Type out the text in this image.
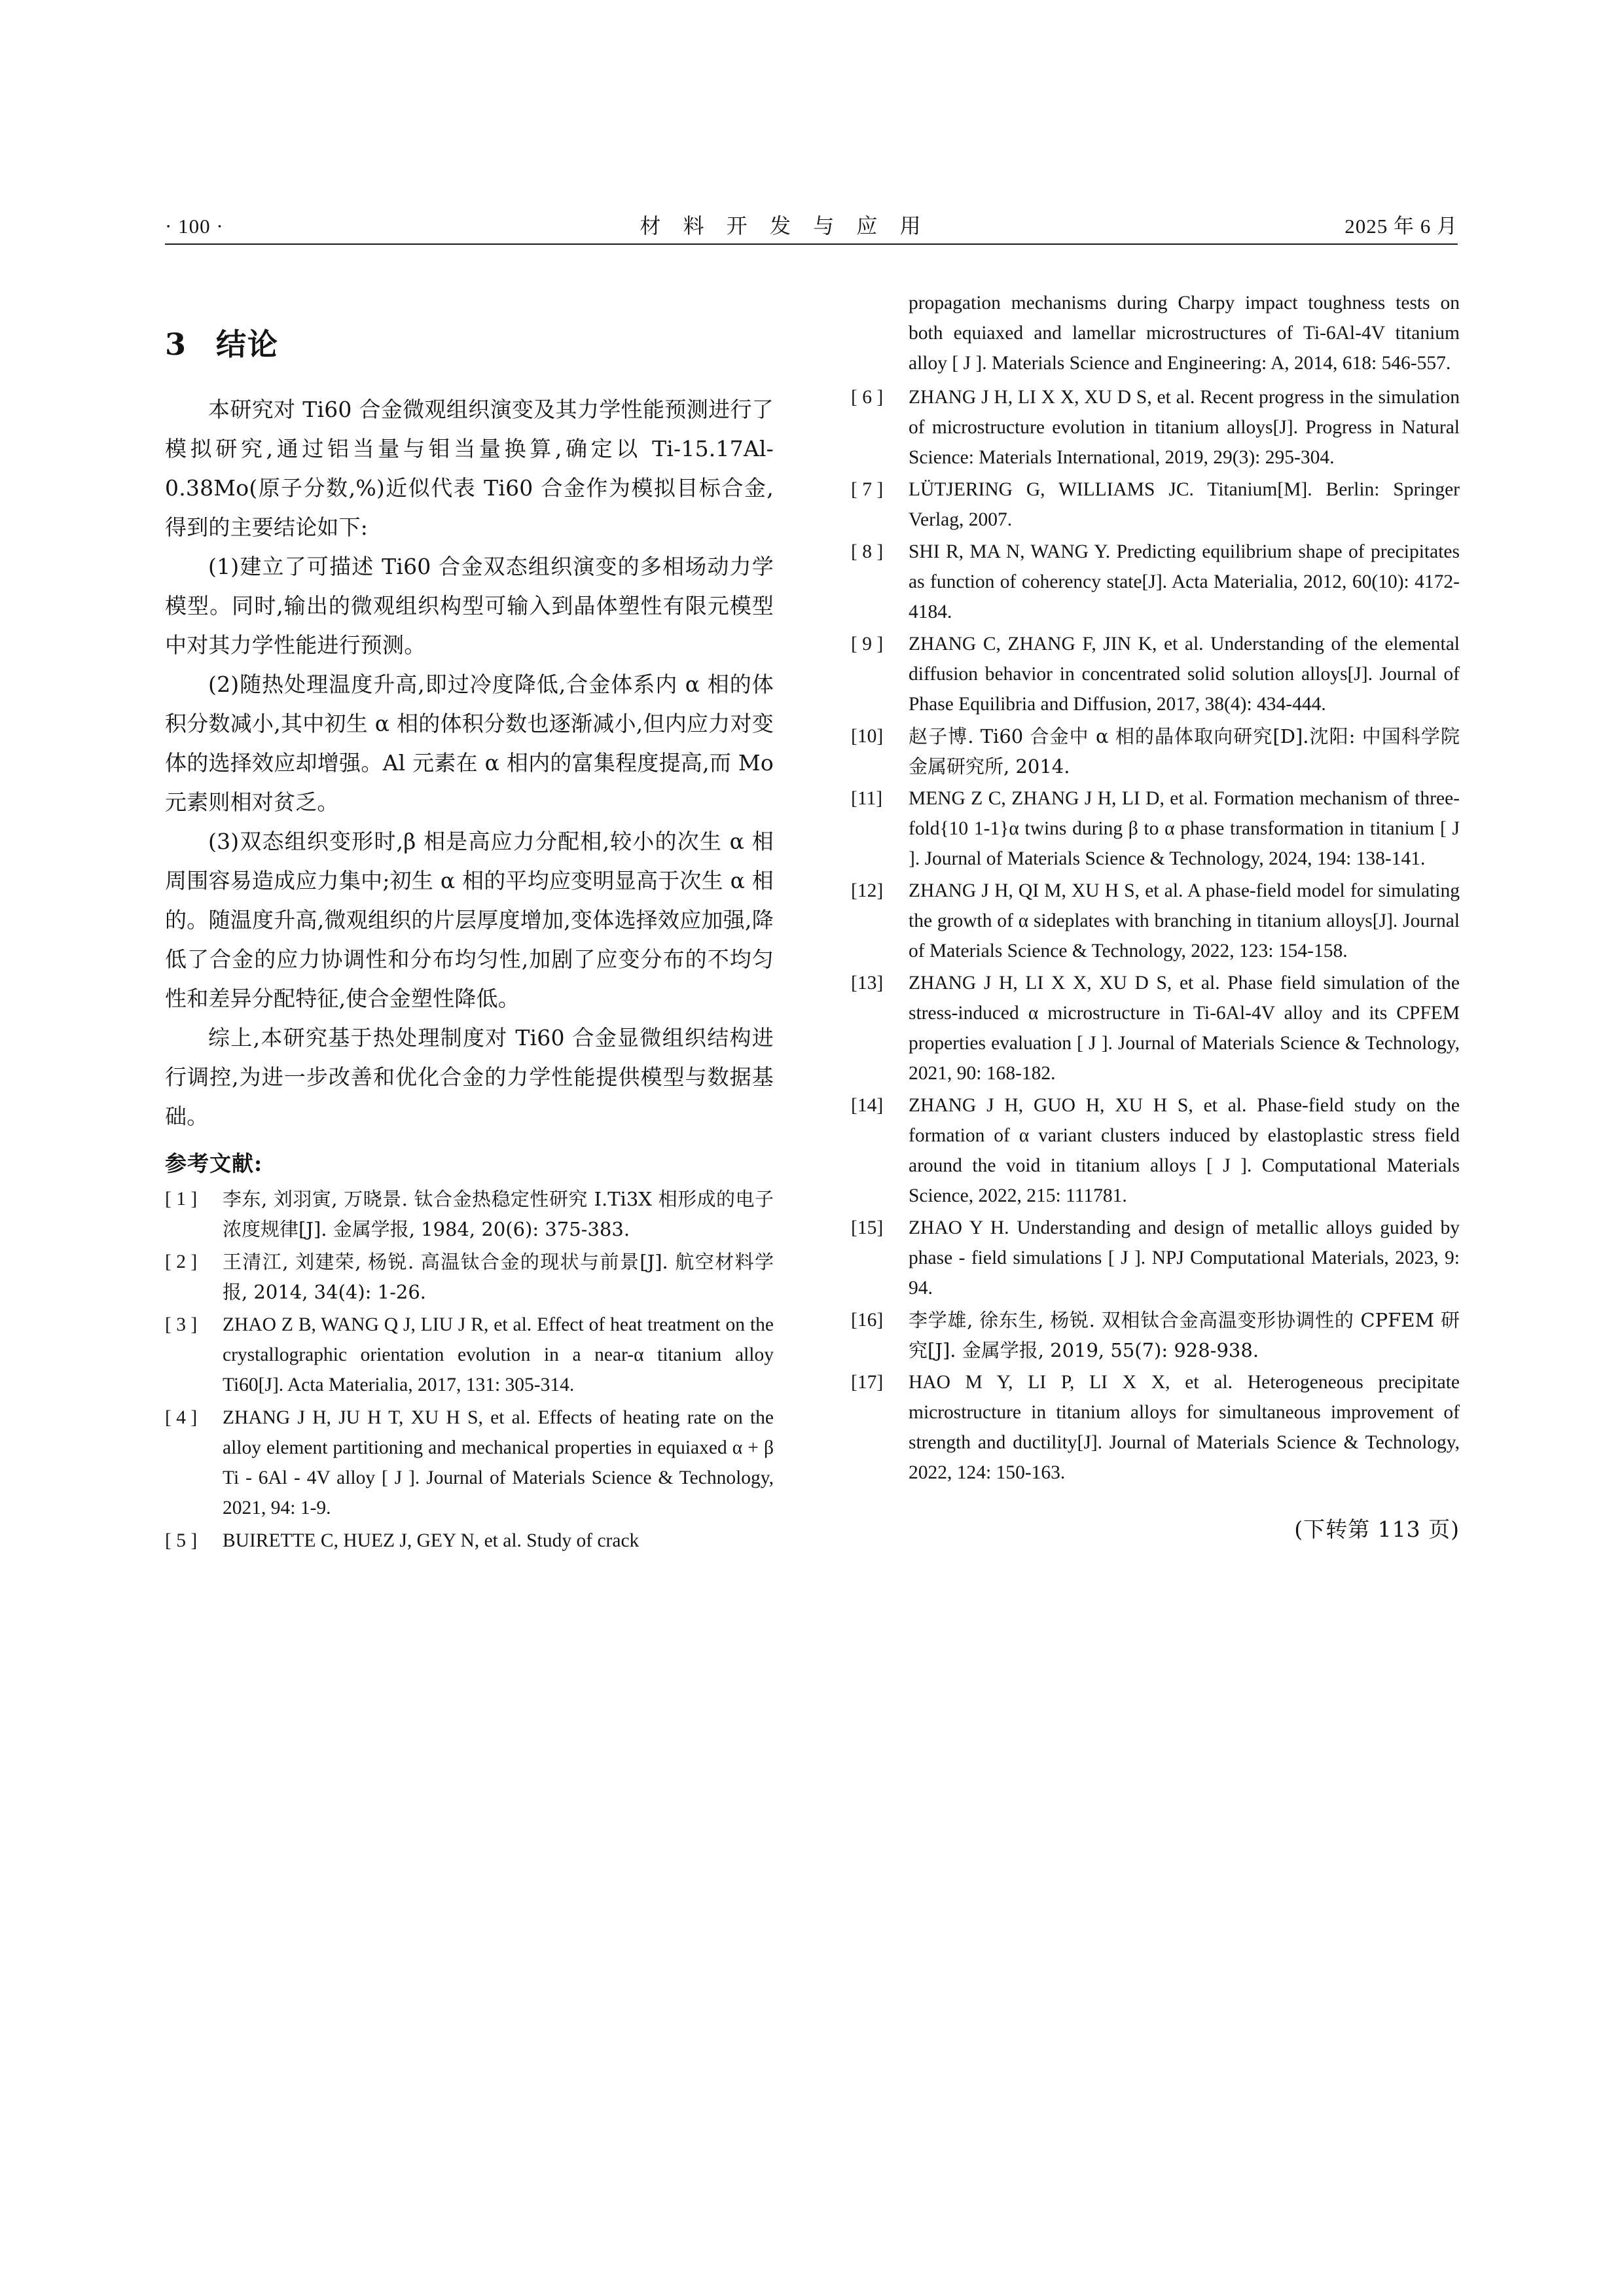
· 100 ·	材 料 开 发 与 应 用	2025 年 6 月
3 结论

本研究对 Ti60 合金微观组织演变及其力学性能预测进行了模拟研究,通过铝当量与钼当量换算,确定以 Ti-15.17Al-0.38Mo(原子分数,%)近似代表 Ti60 合金作为模拟目标合金,得到的主要结论如下:

(1)建立了可描述 Ti60 合金双态组织演变的多相场动力学模型。同时,输出的微观组织构型可输入到晶体塑性有限元模型中对其力学性能进行预测。

(2)随热处理温度升高,即过冷度降低,合金体系内 α 相的体积分数减小,其中初生 α 相的体积分数也逐渐减小,但内应力对变体的选择效应却增强。Al 元素在 α 相内的富集程度提高,而 Mo 元素则相对贫乏。

(3)双态组织变形时,β 相是高应力分配相,较小的次生 α 相周围容易造成应力集中;初生 α 相的平均应变明显高于次生 α 相的。随温度升高,微观组织的片层厚度增加,变体选择效应加强,降低了合金的应力协调性和分布均匀性,加剧了应变分布的不均匀性和差异分配特征,使合金塑性降低。

综上,本研究基于热处理制度对 Ti60 合金显微组织结构进行调控,为进一步改善和优化合金的力学性能提供模型与数据基础。

参考文献:
[ 1 ]	李东, 刘羽寅, 万晓景. 钛合金热稳定性研究 I.Ti3X 相形成的电子浓度规律[J]. 金属学报, 1984, 20(6): 375-383.
[ 2 ]	王清江, 刘建荣, 杨锐. 高温钛合金的现状与前景[J]. 航空材料学报, 2014, 34(4): 1-26.
[ 3 ]	ZHAO Z B, WANG Q J, LIU J R, et al. Effect of heat treatment on the crystallographic orientation evolution in a near-α titanium alloy Ti60[J]. Acta Materialia, 2017, 131: 305-314.
[ 4 ]	ZHANG J H, JU H T, XU H S, et al. Effects of heating rate on the alloy element partitioning and mechanical properties in equiaxed α + β Ti - 6Al - 4V alloy [ J ]. Journal of Materials Science & Technology, 2021, 94: 1-9.
[ 5 ]	BUIRETTE C, HUEZ J, GEY N, et al. Study of crack
propagation mechanisms during Charpy impact toughness tests on both equiaxed and lamellar microstructures of Ti-6Al-4V titanium alloy [ J ]. Materials Science and Engineering: A, 2014, 618: 546-557.
[ 6 ]	ZHANG J H, LI X X, XU D S, et al. Recent progress in the simulation of microstructure evolution in titanium alloys[J]. Progress in Natural Science: Materials International, 2019, 29(3): 295-304.
[ 7 ]	LÜTJERING G, WILLIAMS JC. Titanium[M]. Berlin: Springer Verlag, 2007.
[ 8 ]	SHI R, MA N, WANG Y. Predicting equilibrium shape of precipitates as function of coherency state[J]. Acta Materialia, 2012, 60(10): 4172-4184.
[ 9 ]	ZHANG C, ZHANG F, JIN K, et al. Understanding of the elemental diffusion behavior in concentrated solid solution alloys[J]. Journal of Phase Equilibria and Diffusion, 2017, 38(4): 434-444.
[10]	赵子博. Ti60 合金中 α 相的晶体取向研究[D].沈阳: 中国科学院金属研究所, 2014.
[11]	MENG Z C, ZHANG J H, LI D, et al. Formation mechanism of three-fold{10 1-1}α twins during β to α phase transformation in titanium [ J ]. Journal of Materials Science & Technology, 2024, 194: 138-141.
[12]	ZHANG J H, QI M, XU H S, et al. A phase-field model for simulating the growth of α sideplates with branching in titanium alloys[J]. Journal of Materials Science & Technology, 2022, 123: 154-158.
[13]	ZHANG J H, LI X X, XU D S, et al. Phase field simulation of the stress-induced α microstructure in Ti-6Al-4V alloy and its CPFEM properties evaluation [ J ]. Journal of Materials Science & Technology, 2021, 90: 168-182.
[14]	ZHANG J H, GUO H, XU H S, et al. Phase-field study on the formation of α variant clusters induced by elastoplastic stress field around the void in titanium alloys [ J ]. Computational Materials Science, 2022, 215: 111781.
[15]	ZHAO Y H. Understanding and design of metallic alloys guided by phase - field simulations [ J ]. NPJ Computational Materials, 2023, 9: 94.
[16]	李学雄, 徐东生, 杨锐. 双相钛合金高温变形协调性的 CPFEM 研究[J]. 金属学报, 2019, 55(7): 928-938.
[17]	HAO M Y, LI P, LI X X, et al. Heterogeneous precipitate microstructure in titanium alloys for simultaneous improvement of strength and ductility[J]. Journal of Materials Science & Technology, 2022, 124: 150-163.
(下转第 113 页)
